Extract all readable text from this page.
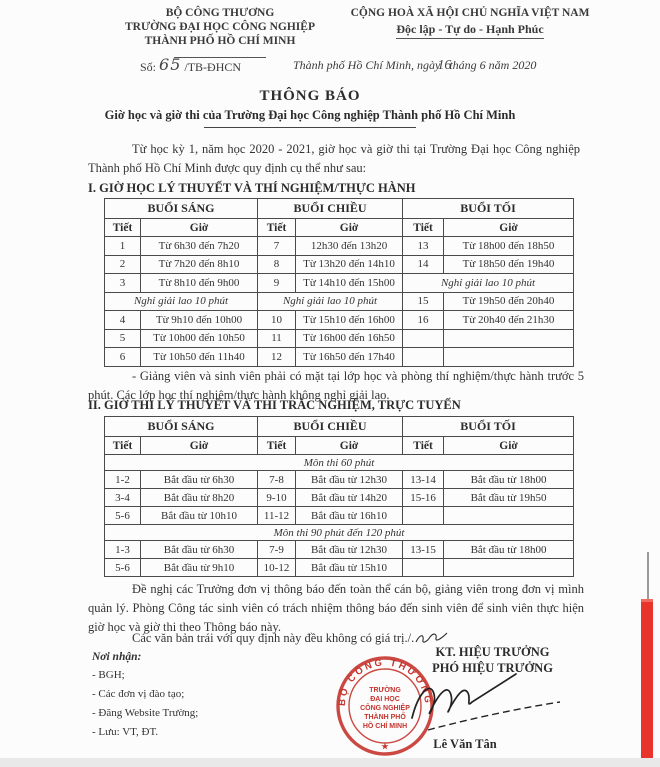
BỘ CÔNG THƯƠNG
TRƯỜNG ĐẠI HỌC CÔNG NGHIỆP
THÀNH PHỐ HỒ CHÍ MINH
CỘNG HOÀ XÃ HỘI CHỦ NGHĨA VIỆT NAM
Độc lập - Tự do - Hạnh Phúc
Số: 65 /TB-ĐHCN	Thành phố Hồ Chí Minh, ngày16tháng 6 năm 2020
THÔNG BÁO
Giờ học và giờ thi của Trường Đại học Công nghiệp Thành phố Hồ Chí Minh
Từ học kỳ 1, năm học 2020 - 2021, giờ học và giờ thi tại Trường Đại học Công nghiệp Thành phố Hồ Chí Minh được quy định cụ thể như sau:
I. GIỜ HỌC LÝ THUYẾT VÀ THÍ NGHIỆM/THỰC HÀNH
BUỔI SÁNG		BUỔI CHIỀU		BUỔI TỐI	
Tiết	Giờ	Tiết	Giờ	Tiết	Giờ
1	Từ 6h30 đến 7h20	7	12h30 đến 13h20	13	Từ 18h00 đến 18h50
2	Từ 7h20 đến 8h10	8	Từ 13h20 đến 14h10	14	Từ 18h50 đến 19h40
3	Từ 8h10 đến 9h00	9	Từ 14h10 đến 15h00	Nghỉ giải lao 10 phút	
Nghỉ giải lao 10 phút		Nghỉ giải lao 10 phút		15	Từ 19h50 đến 20h40
4	Từ 9h10 đến 10h00	10	Từ 15h10 đến 16h00	16	Từ 20h40 đến 21h30
5	Từ 10h00 đến 10h50	11	Từ 16h00 đến 16h50		
6	Từ 10h50 đến 11h40	12	Từ 16h50 đến 17h40		
- Giảng viên và sinh viên phải có mặt tại lớp học và phòng thí nghiệm/thực hành trước 5 phút. Các lớp học thí nghiệm/thực hành không nghỉ giải lao.
II. GIỜ THI LÝ THUYẾT VÀ THI TRẮC NGHIỆM, TRỰC TUYẾN
BUỔI SÁNG		BUỔI CHIỀU		BUỔI TỐI	
Tiết	Giờ	Tiết	Giờ	Tiết	Giờ
Môn thi 60 phút					
1-2	Bắt đầu từ 6h30	7-8	Bắt đầu từ 12h30	13-14	Bắt đầu từ 18h00
3-4	Bắt đầu từ 8h20	9-10	Bắt đầu từ 14h20	15-16	Bắt đầu từ 19h50
5-6	Bắt đầu từ 10h10	11-12	Bắt đầu từ 16h10		
Môn thi 90 phút đến 120 phút					
1-3	Bắt đầu từ 6h30	7-9	Bắt đầu từ 12h30	13-15	Bắt đầu từ 18h00
5-6	Bắt đầu từ 9h10	10-12	Bắt đầu từ 15h10		
Đề nghị các Trưởng đơn vị thông báo đến toàn thể cán bộ, giảng viên trong đơn vị mình quản lý. Phòng Công tác sinh viên có trách nhiệm thông báo đến sinh viên để sinh viên thực hiện giờ học và giờ thi theo Thông báo này.
Các văn bản trái với quy định này đều không có giá trị./.
KT. HIỆU TRƯỞNG
PHÓ HIỆU TRƯỞNG
BỘ CÔNG THƯƠNG
TRƯỜNG
ĐẠI HỌC
CÔNG NGHIỆP
THÀNH PHỐ
HỒ CHÍ MINH
★	Lê Văn Tân
Nơi nhận:
- BGH;
- Các đơn vị đào tạo;
- Đăng Website Trường;
- Lưu: VT, ĐT.
